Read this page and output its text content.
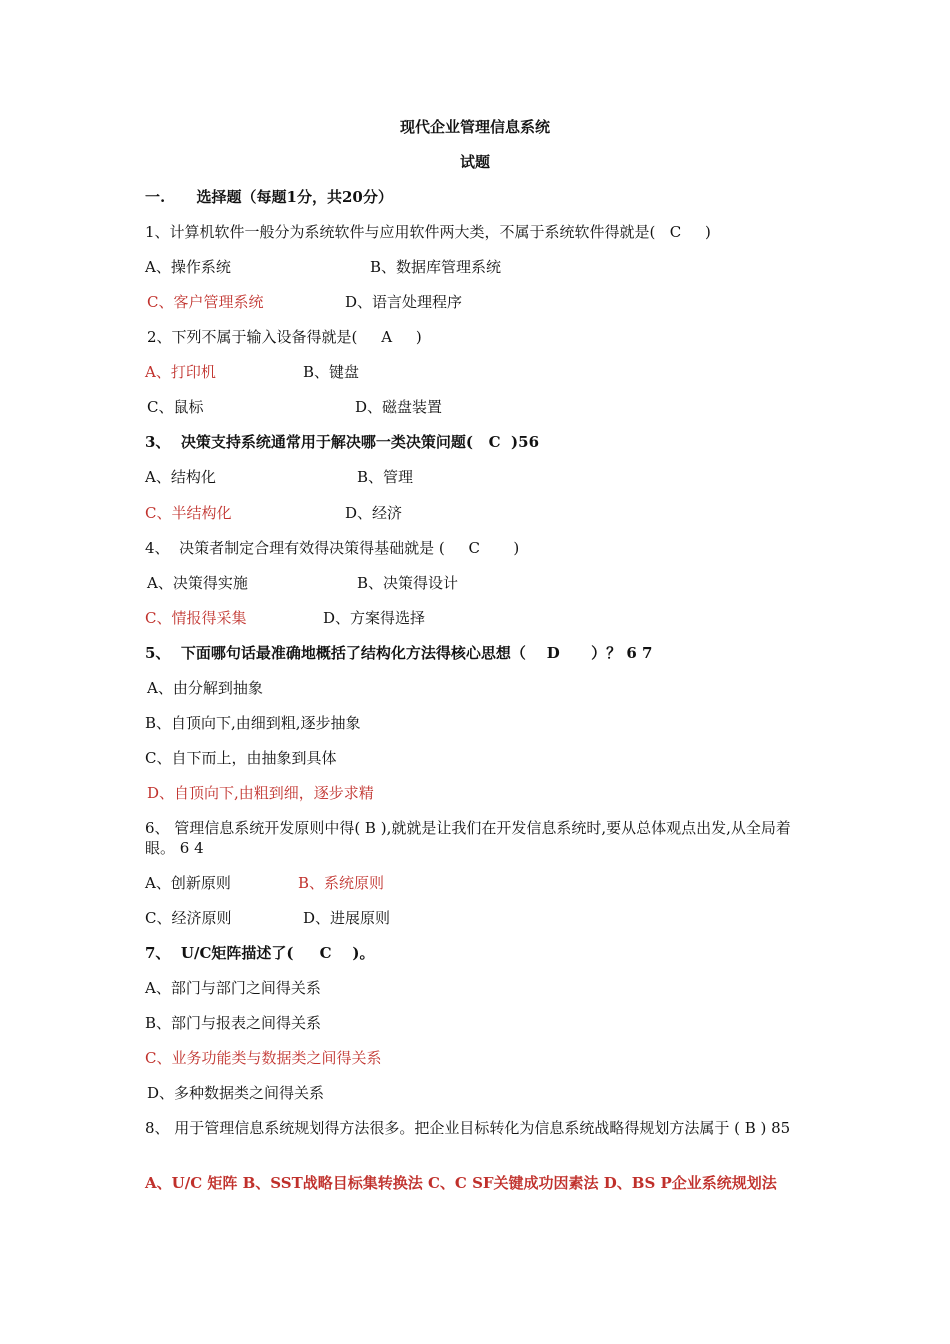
现代企业管理信息系统
试题
一.      选择题（每题1分，共20分）
1、计算机软件一般分为系统软件与应用软件两大类，不属于系统软件得就是(   C     )
A、操作系统	B、数据库管理系统
C、客户管理系统	D、语言处理程序
2、下列不属于输入设备得就是(     A     )
A、打印机	B、键盘
C、鼠标	D、磁盘装置
3、  决策支持系统通常用于解决哪一类决策问题(   C  )56
A、结构化	B、管理
C、半结构化	D、经济
4、  决策者制定合理有效得决策得基础就是 (     C       )
A、决策得实施	B、决策得设计
C、情报得采集	D、方案得选择
5、  下面哪句话最准确地概括了结构化方法得核心思想（    D      ）？ 6 7
A、由分解到抽象
B、自顶向下,由细到粗,逐步抽象
C、自下而上，由抽象到具体
D、自顶向下,由粗到细，逐步求精
6、 管理信息系统开发原则中得( B ),就就是让我们在开发信息系统时,要从总体观点出发,从全局着眼。 6 4
A、创新原则	B、系统原则
C、经济原则	D、进展原则
7、  U/C矩阵描述了(     C    )。
A、部门与部门之间得关系
B、部门与报表之间得关系
C、业务功能类与数据类之间得关系
D、多种数据类之间得关系
8、 用于管理信息系统规划得方法很多。把企业目标转化为信息系统战略得规划方法属于 ( B ) 85
A、U/C 矩阵 B、SST战略目标集转换法 C、C SF关键成功因素法 D、BS P企业系统规划法
